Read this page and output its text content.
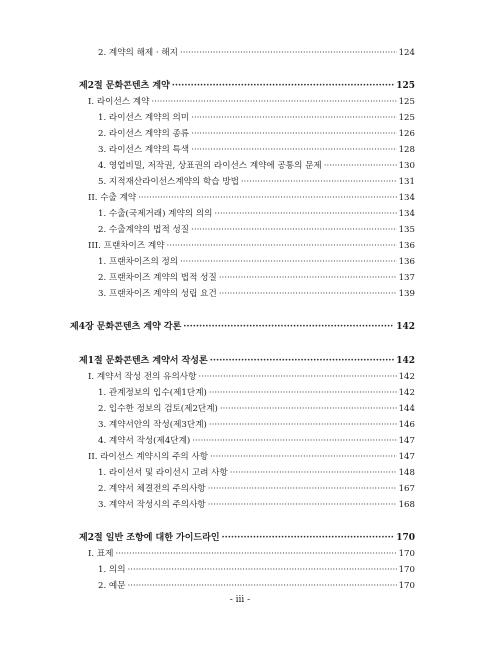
2. 계약의 해제 · 해지 ·····	124
제2절 문화콘텐츠 계약 ·····	125
I. 라이선스 계약 ·····	125
1. 라이선스 계약의 의미 ·····	125
2. 라이선스 계약의 종류 ·····	126
3. 라이선스 계약의 특색 ·····	128
4. 영업비밀, 저작권, 상표권의 라이선스 계약에 공통의 문제 ·····	130
5. 지적재산라이선스계약의 학습 방법 ·····	131
II. 수출 계약 ·····	134
1. 수출(국제거래) 계약의 의의 ·····	134
2. 수출계약의 법적 성질 ·····	135
III. 프랜차이즈 계약 ·····	136
1. 프랜차이즈의 정의 ·····	136
2. 프랜차이즈 계약의 법적 성질 ·····	137
3. 프랜차이즈 계약의 성립 요건 ·····	139
제4장 문화콘텐츠 계약 각론 ·····	142
제1절 문화콘텐츠 계약서 작성론 ·····	142
I. 계약서 작성 전의 유의사항 ·····	142
1. 관계정보의 입수(제1단계) ·····	142
2. 입수한 정보의 검토(제2단계) ·····	144
3. 계약서안의 작성(제3단계) ·····	146
4. 계약서 작성(제4단계) ·····	147
II. 라이선스 계약시의 주의 사항 ·····	147
1. 라이선서 및 라이선시 고려 사항 ·····	148
2. 계약서 체결전의 주의사항 ·····	167
3. 계약서 작성시의 주의사항 ·····	168
제2절 일반 조항에 대한 가이드라인 ·····	170
I. 표제 ·····	170
1. 의의 ·····	170
2. 예문 ·····	170
- iii -
